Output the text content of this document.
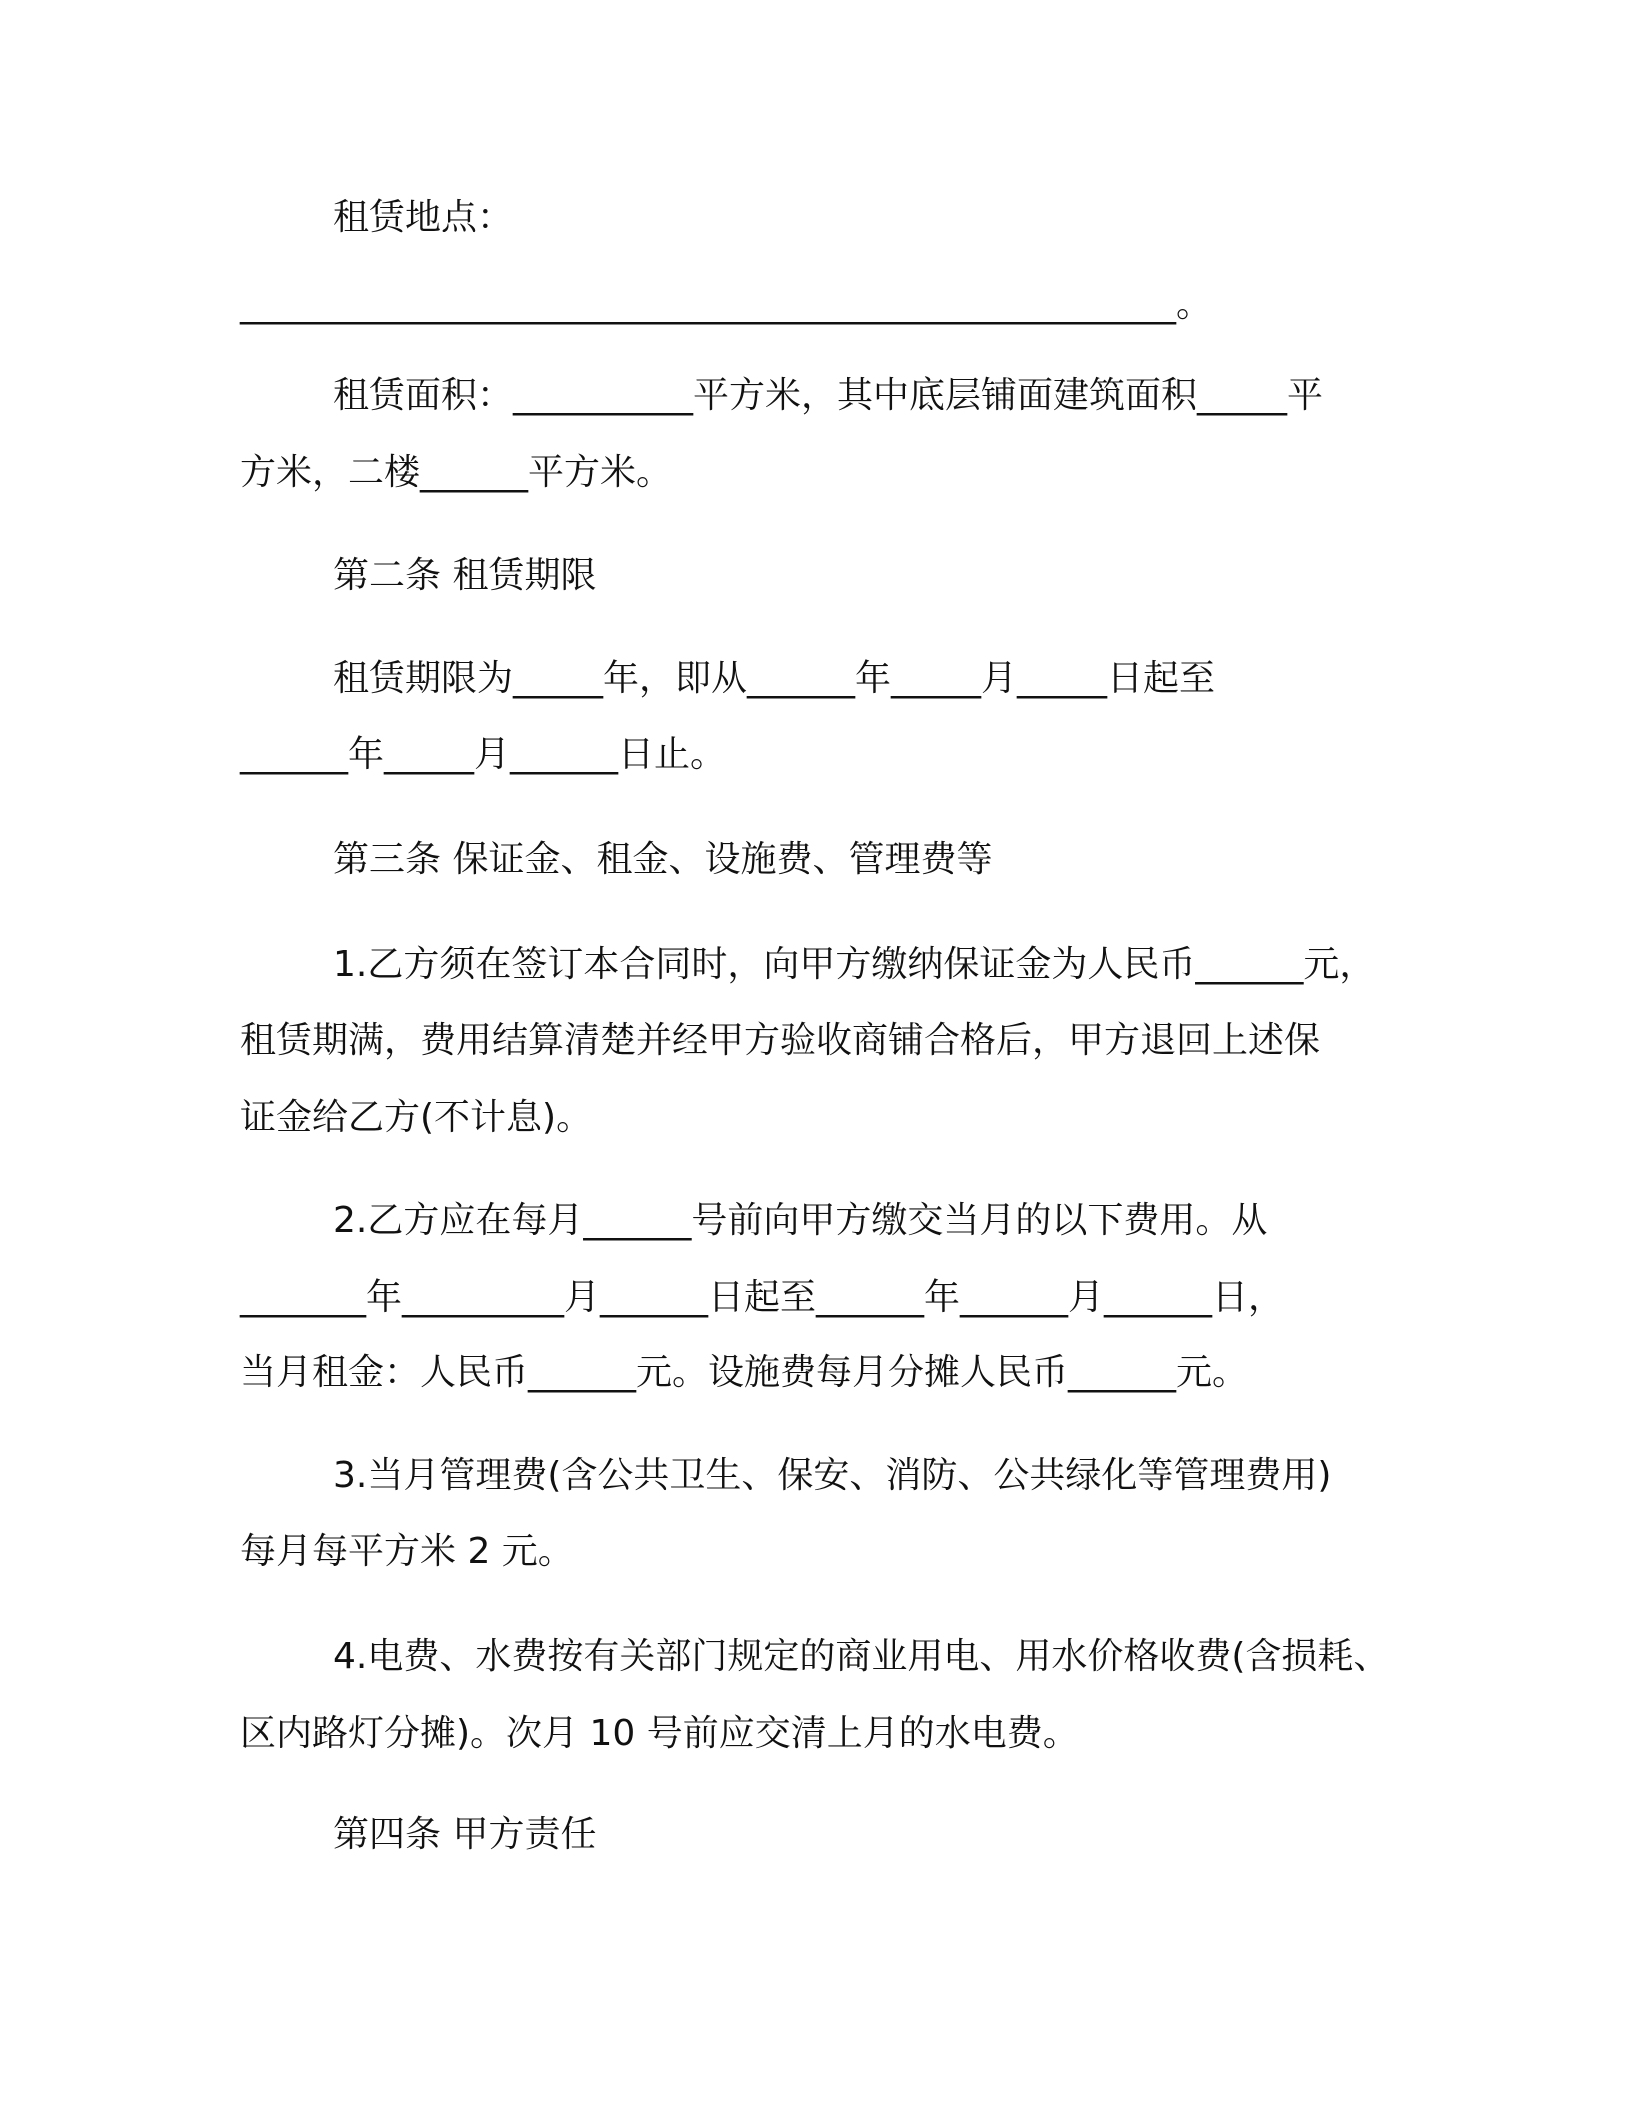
租赁地点：
____________________________________________________。
租赁面积：__________平方米，其中底层铺面建筑面积_____平
方米，二楼______平方米。
第二条 租赁期限
租赁期限为_____年，即从______年_____月_____日起至
______年_____月______日止。
第三条 保证金、租金、设施费、管理费等
1.乙方须在签订本合同时，向甲方缴纳保证金为人民币______元，
租赁期满，费用结算清楚并经甲方验收商铺合格后，甲方退回上述保
证金给乙方(不计息)。
2.乙方应在每月______号前向甲方缴交当月的以下费用。从
_______年_________月______日起至______年______月______日，
当月租金：人民币______元。设施费每月分摊人民币______元。
3.当月管理费(含公共卫生、保安、消防、公共绿化等管理费用)
每月每平方米 2 元。
4.电费、水费按有关部门规定的商业用电、用水价格收费(含损耗、
区内路灯分摊)。次月 10 号前应交清上月的水电费。
第四条 甲方责任
